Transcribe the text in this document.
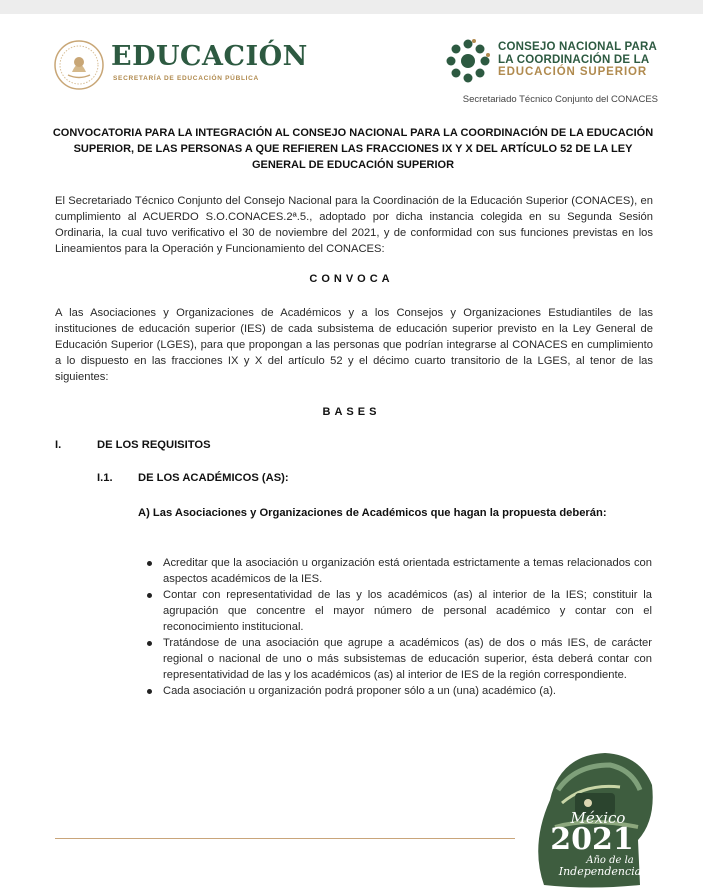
EDUCACIÓN
SECRETARÍA DE EDUCACIÓN PÚBLICA
CONSEJO NACIONAL PARA
LA COORDINACIÓN DE LA
EDUCACIÓN SUPERIOR
Secretariado Técnico Conjunto del CONACES
CONVOCATORIA PARA LA INTEGRACIÓN AL CONSEJO NACIONAL PARA LA COORDINACIÓN DE LA EDUCACIÓN SUPERIOR, DE LAS PERSONAS A QUE REFIEREN LAS FRACCIONES IX Y X DEL ARTÍCULO 52 DE LA LEY GENERAL DE EDUCACIÓN SUPERIOR
El Secretariado Técnico Conjunto del Consejo Nacional para la Coordinación de la Educación Superior (CONACES), en cumplimiento al ACUERDO S.O.CONACES.2ª.5., adoptado por dicha instancia colegida en su Segunda Sesión Ordinaria, la cual tuvo verificativo el 30 de noviembre del 2021, y de conformidad con sus funciones previstas en los Lineamientos para la Operación y Funcionamiento del CONACES:
CONVOCA
A las Asociaciones y Organizaciones de Académicos y a los Consejos y Organizaciones Estudiantiles de las instituciones de educación superior (IES) de cada subsistema de educación superior previsto en la Ley General de Educación Superior (LGES), para que propongan a las personas que podrían integrarse al CONACES en cumplimiento a lo dispuesto en las fracciones IX y X del artículo 52 y el décimo cuarto transitorio de la LGES, al tenor de las siguientes:
BASES
I.	DE LOS REQUISITOS
I.1. DE LOS ACADÉMICOS (AS):
A) Las Asociaciones y Organizaciones de Académicos que hagan la propuesta deberán:
Acreditar que la asociación u organización está orientada estrictamente a temas relacionados con aspectos académicos de la IES.
Contar con representatividad de las y los académicos (as) al interior de la IES; constituir la agrupación que concentre el mayor número de personal académico y contar con el reconocimiento institucional.
Tratándose de una asociación que agrupe a académicos (as) de dos o más IES, de carácter regional o nacional de uno o más subsistemas de educación superior, ésta deberá contar con representatividad de las y los académicos (as) al interior de IES de la región correspondiente.
Cada asociación u organización podrá proponer sólo a un (una) académico (a).
México
2021
Año de la
Independencia
